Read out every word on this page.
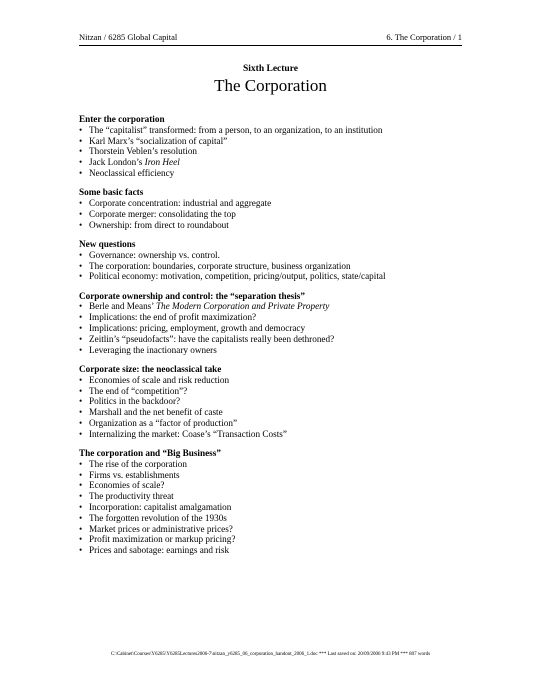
Nitzan / 6285 Global Capital	6. The Corporation / 1
Sixth Lecture
The Corporation
Enter the corporation
• The “capitalist” transformed: from a person, to an organization, to an institution
• Karl Marx’s “socialization of capital”
• Thorstein Veblen’s resolution
• Jack London’s Iron Heel
• Neoclassical efficiency
Some basic facts
• Corporate concentration: industrial and aggregate
• Corporate merger: consolidating the top
• Ownership: from direct to roundabout
New questions
• Governance: ownership vs. control.
• The corporation: boundaries, corporate structure, business organization
• Political economy: motivation, competition, pricing/output, politics, state/capital
Corporate ownership and control: the “separation thesis”
• Berle and Means’ The Modern Corporation and Private Property
• Implications: the end of profit maximization?
• Implications: pricing, employment, growth and democracy
• Zeitlin’s “pseudofacts”: have the capitalists really been dethroned?
• Leveraging the inactionary owners
Corporate size: the neoclassical take
• Economies of scale and risk reduction
• The end of “competition”?
• Politics in the backdoor?
• Marshall and the net benefit of caste
• Organization as a “factor of production”
• Internalizing the market: Coase’s “Transaction Costs”
The corporation and “Big Business”
• The rise of the corporation
• Firms vs. establishments
• Economies of scale?
• The productivity threat
• Incorporation: capitalist amalgamation
• The forgotten revolution of the 1930s
• Market prices or administrative prices?
• Profit maximization or markup pricing?
• Prices and sabotage: earnings and risk
C:\Cabinet\Courses\Y6285\Y6285Lectures2006-7\nitzan_y6285_06_corporation_handout_2006_1.doc *** Last saved on: 20/09/2006 9:43 PM *** 807 words
